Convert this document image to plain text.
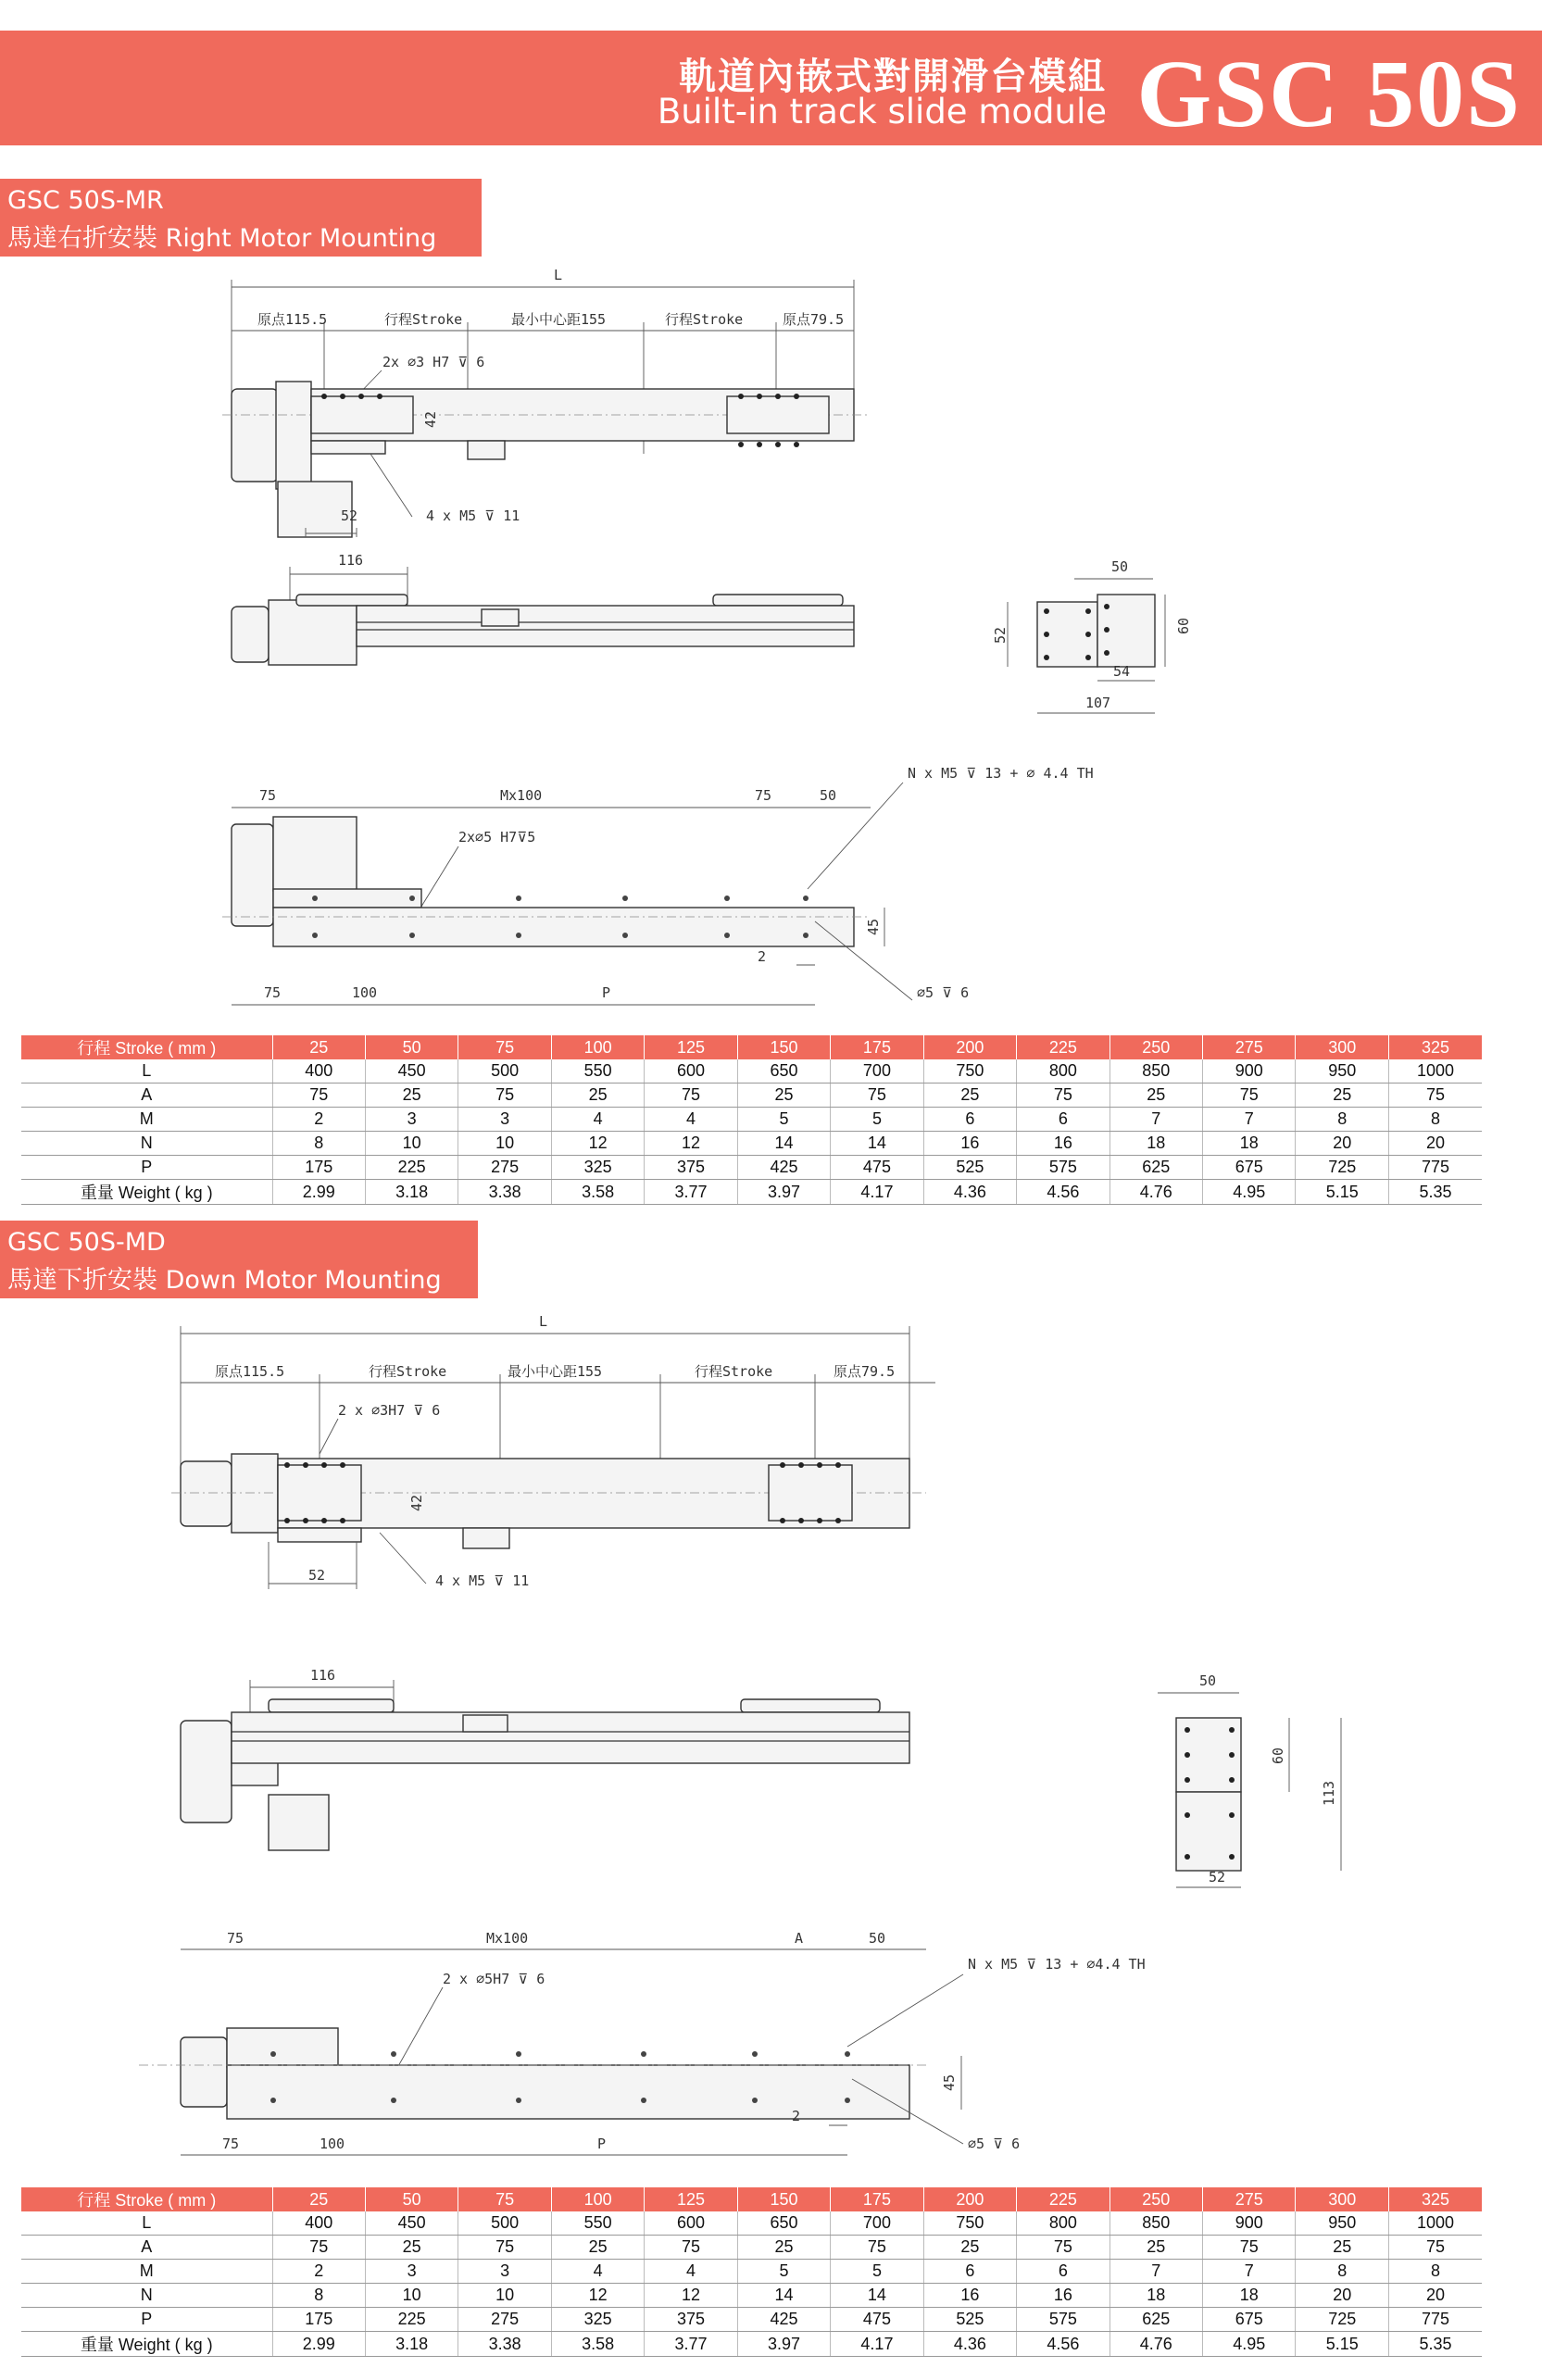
軌道內嵌式對開滑台模組
Built-in track slide module GSC 50S
GSC 50S-MR
馬達右折安裝 Right Motor Mounting
L
原点115.5	行程Stroke	最小中心距155	行程Stroke	原点79.5
2x ∅3 H7 ⊽ 6
42
52	4 x M5 ⊽ 11
116	50
52
60
54
107
75	Mx100	75	50
N x M5 ⊽ 13 + ∅ 4.4 TH
2x∅5 H7⊽5
45
2
75	100	P	∅5 ⊽ 6
行程 Stroke ( mm )	25	50	75	100	125	150	175	200	225	250	275	300	325
L	400	450	500	550	600	650	700	750	800	850	900	950	1000
A	75	25	75	25	75	25	75	25	75	25	75	25	75
M	2	3	3	4	4	5	5	6	6	7	7	8	8
N	8	10	10	12	12	14	14	16	16	18	18	20	20
P	175	225	275	325	375	425	475	525	575	625	675	725	775
重量 Weight ( kg )	2.99	3.18	3.38	3.58	3.77	3.97	4.17	4.36	4.56	4.76	4.95	5.15	5.35
GSC 50S-MD
馬達下折安裝 Down Motor Mounting
L
原点115.5	行程Stroke	最小中心距155	行程Stroke	原点79.5
2 x ∅3H7 ⊽ 6
42
52	4 x M5 ⊽ 11
116	50
60
113
52
75	Mx100	A	50
N x M5 ⊽ 13 + ∅4.4 TH
2 x ∅5H7 ⊽ 6
45
2
75	100	P	∅5 ⊽ 6
行程 Stroke ( mm )	25	50	75	100	125	150	175	200	225	250	275	300	325
L	400	450	500	550	600	650	700	750	800	850	900	950	1000
A	75	25	75	25	75	25	75	25	75	25	75	25	75
M	2	3	3	4	4	5	5	6	6	7	7	8	8
N	8	10	10	12	12	14	14	16	16	18	18	20	20
P	175	225	275	325	375	425	475	525	575	625	675	725	775
重量 Weight ( kg )	2.99	3.18	3.38	3.58	3.77	3.97	4.17	4.36	4.56	4.76	4.95	5.15	5.35
